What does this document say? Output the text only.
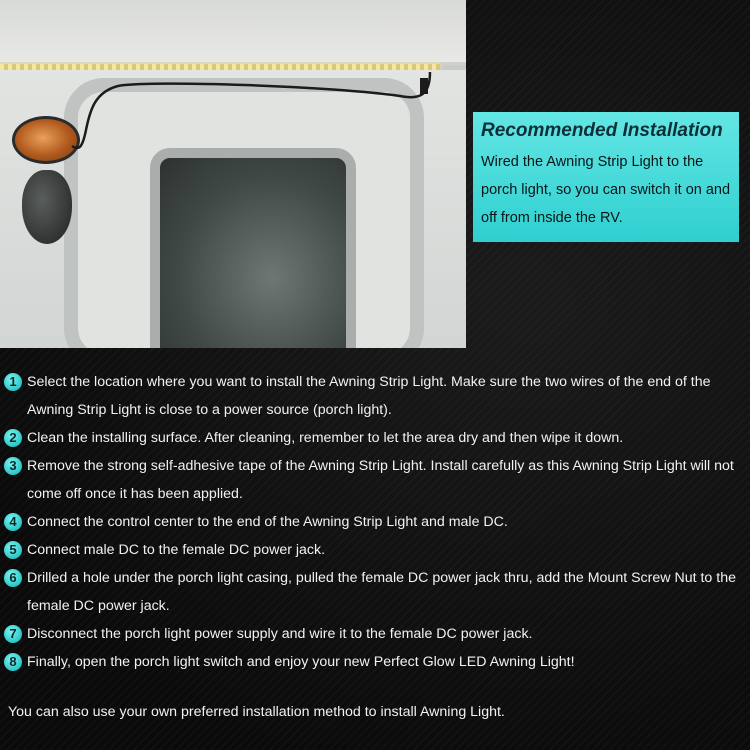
Recommended Installation
Wired the Awning Strip Light to the porch light, so you can switch it on and off from inside the RV.
1 Select the location where you want to install the Awning Strip Light. Make sure the two wires of the end of the Awning Strip Light is close to a power source (porch light).
2 Clean the installing surface. After cleaning, remember to let the area dry and then wipe it down.
3 Remove the strong self-adhesive tape of the Awning Strip Light. Install carefully as this Awning Strip Light will not come off once it has been applied.
4 Connect the control center to the end of the Awning Strip Light and male DC.
5 Connect male DC to the female DC power jack.
6 Drilled a hole under the porch light casing, pulled the female DC power jack thru, add the Mount Screw Nut to the female DC power jack.
7 Disconnect the porch light power supply and wire it to the female DC power jack.
8 Finally, open the porch light switch and enjoy your new Perfect Glow LED Awning Light!
You can also use your own preferred installation method to install Awning Light.
